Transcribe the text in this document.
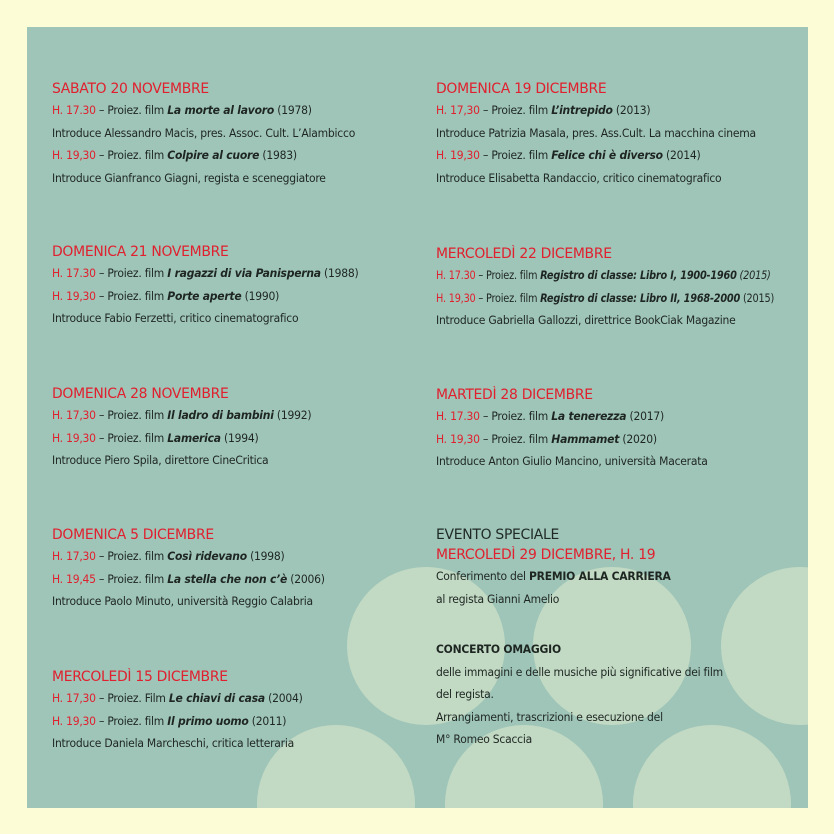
SABATO 20 NOVEMBRE
H. 17.30 – Proiez. film La morte al lavoro (1978)
Introduce Alessandro Macis, pres. Assoc. Cult. L’Alambicco
H. 19,30 – Proiez. film Colpire al cuore (1983)
Introduce Gianfranco Giagni, regista e sceneggiatore
DOMENICA 21 NOVEMBRE
H. 17.30 – Proiez. film I ragazzi di via Panisperna (1988)
H. 19,30 – Proiez. film Porte aperte (1990)
Introduce Fabio Ferzetti, critico cinematografico
DOMENICA 28 NOVEMBRE
H. 17,30 – Proiez. film Il ladro di bambini (1992)
H. 19,30 – Proiez. film Lamerica (1994)
Introduce Piero Spila, direttore CineCritica
DOMENICA 5 DICEMBRE
H. 17,30 – Proiez. film Così ridevano (1998)
H. 19,45 – Proiez. film La stella che non c’è (2006)
Introduce Paolo Minuto, università Reggio Calabria
MERCOLEDÌ 15 DICEMBRE
H. 17,30 – Proiez. Film Le chiavi di casa (2004)
H. 19,30 – Proiez. film Il primo uomo (2011)
Introduce Daniela Marcheschi, critica letteraria
DOMENICA 19 DICEMBRE
H. 17,30 – Proiez. film L’intrepido (2013)
Introduce Patrizia Masala, pres. Ass.Cult. La macchina cinema
H. 19,30 – Proiez. film Felice chi è diverso (2014)
Introduce Elisabetta Randaccio, critico cinematografico
MERCOLEDÌ 22 DICEMBRE
H. 17.30 – Proiez. film Registro di classe: Libro I, 1900-1960 (2015)
H. 19,30 – Proiez. film Registro di classe: Libro II, 1968-2000 (2015)
Introduce Gabriella Gallozzi, direttrice BookCiak Magazine
MARTEDÌ 28 DICEMBRE
H. 17.30 – Proiez. film La tenerezza (2017)
H. 19,30 – Proiez. film Hammamet (2020)
Introduce Anton Giulio Mancino, università Macerata
EVENTO SPECIALE
MERCOLEDÌ 29 DICEMBRE, H. 19
Conferimento del PREMIO ALLA CARRIERA
al regista Gianni Amelio
CONCERTO OMAGGIO
delle immagini e delle musiche più significative dei film
del regista.
Arrangiamenti, trascrizioni e esecuzione del
M° Romeo Scaccia
